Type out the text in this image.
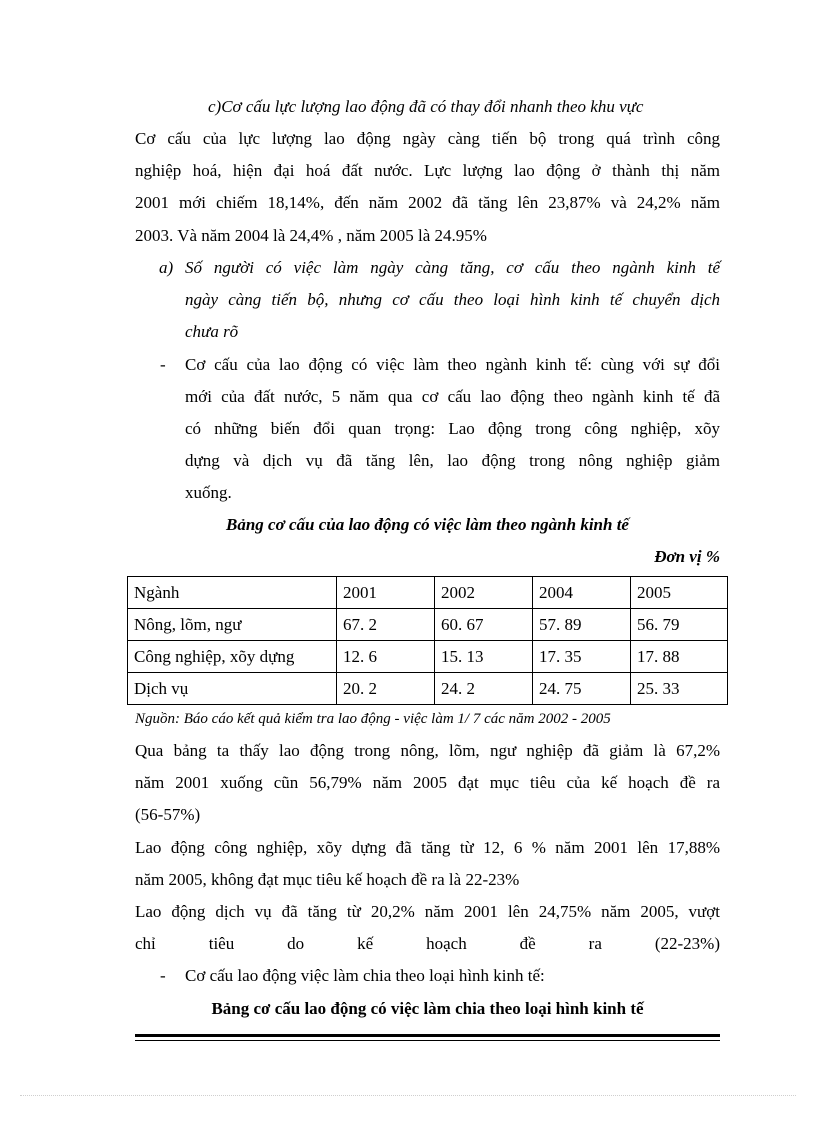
c)Cơ cấu lực lượng lao động đã có thay đổi nhanh theo khu vực
Cơ cấu của lực lượng lao động ngày càng tiến bộ trong quá trình công
nghiệp hoá, hiện đại hoá đất nước. Lực lượng lao động ở thành thị năm
2001 mới chiếm 18,14%, đến năm 2002 đã tăng lên 23,87% và 24,2% năm
2003. Và năm 2004 là 24,4% , năm 2005 là 24.95%
a) Số người có việc làm ngày càng tăng, cơ cấu theo ngành kinh tế
ngày càng tiến bộ, nhưng cơ cấu theo loại hình kinh tế chuyển dịch
chưa rõ
- Cơ cấu của lao động có việc làm theo ngành kinh tế: cùng với sự đổi
mới của đất nước, 5 năm qua cơ cấu lao động theo ngành kinh tế đã
có những biến đổi quan trọng: Lao động trong công nghiệp, xõy
dựng và dịch vụ đã tăng lên, lao động trong nông nghiệp giảm
xuống.
Bảng cơ cấu của lao động có việc làm theo ngành kinh tế
Đơn vị %
Ngành	2001	2002	2004	2005
Nông, lõm, ngư	67. 2	60. 67	57. 89	56. 79
Công nghiệp, xõy dựng	12. 6	15. 13	17. 35	17. 88
Dịch vụ	20. 2	24. 2	24. 75	25. 33
Nguồn: Báo cáo kết quả kiểm tra lao động - việc làm 1/ 7 các năm 2002 - 2005
Qua bảng ta thấy lao động trong nông, lõm, ngư nghiệp đã giảm là 67,2%
năm 2001 xuống cũn 56,79% năm 2005 đạt mục tiêu của kế hoạch đề ra
(56-57%)
Lao động công nghiệp, xõy dựng đã tăng từ 12, 6 % năm 2001 lên 17,88%
năm 2005, không đạt mục tiêu kế hoạch đề ra là 22-23%
Lao động dịch vụ đã tăng từ 20,2% năm 2001 lên 24,75% năm 2005, vượt
chỉ tiêu do kế hoạch đề ra (22-23%)
- Cơ cấu lao động việc làm chia theo loại hình kinh tế:
Bảng cơ cấu lao động có việc làm chia theo loại hình kinh tế
